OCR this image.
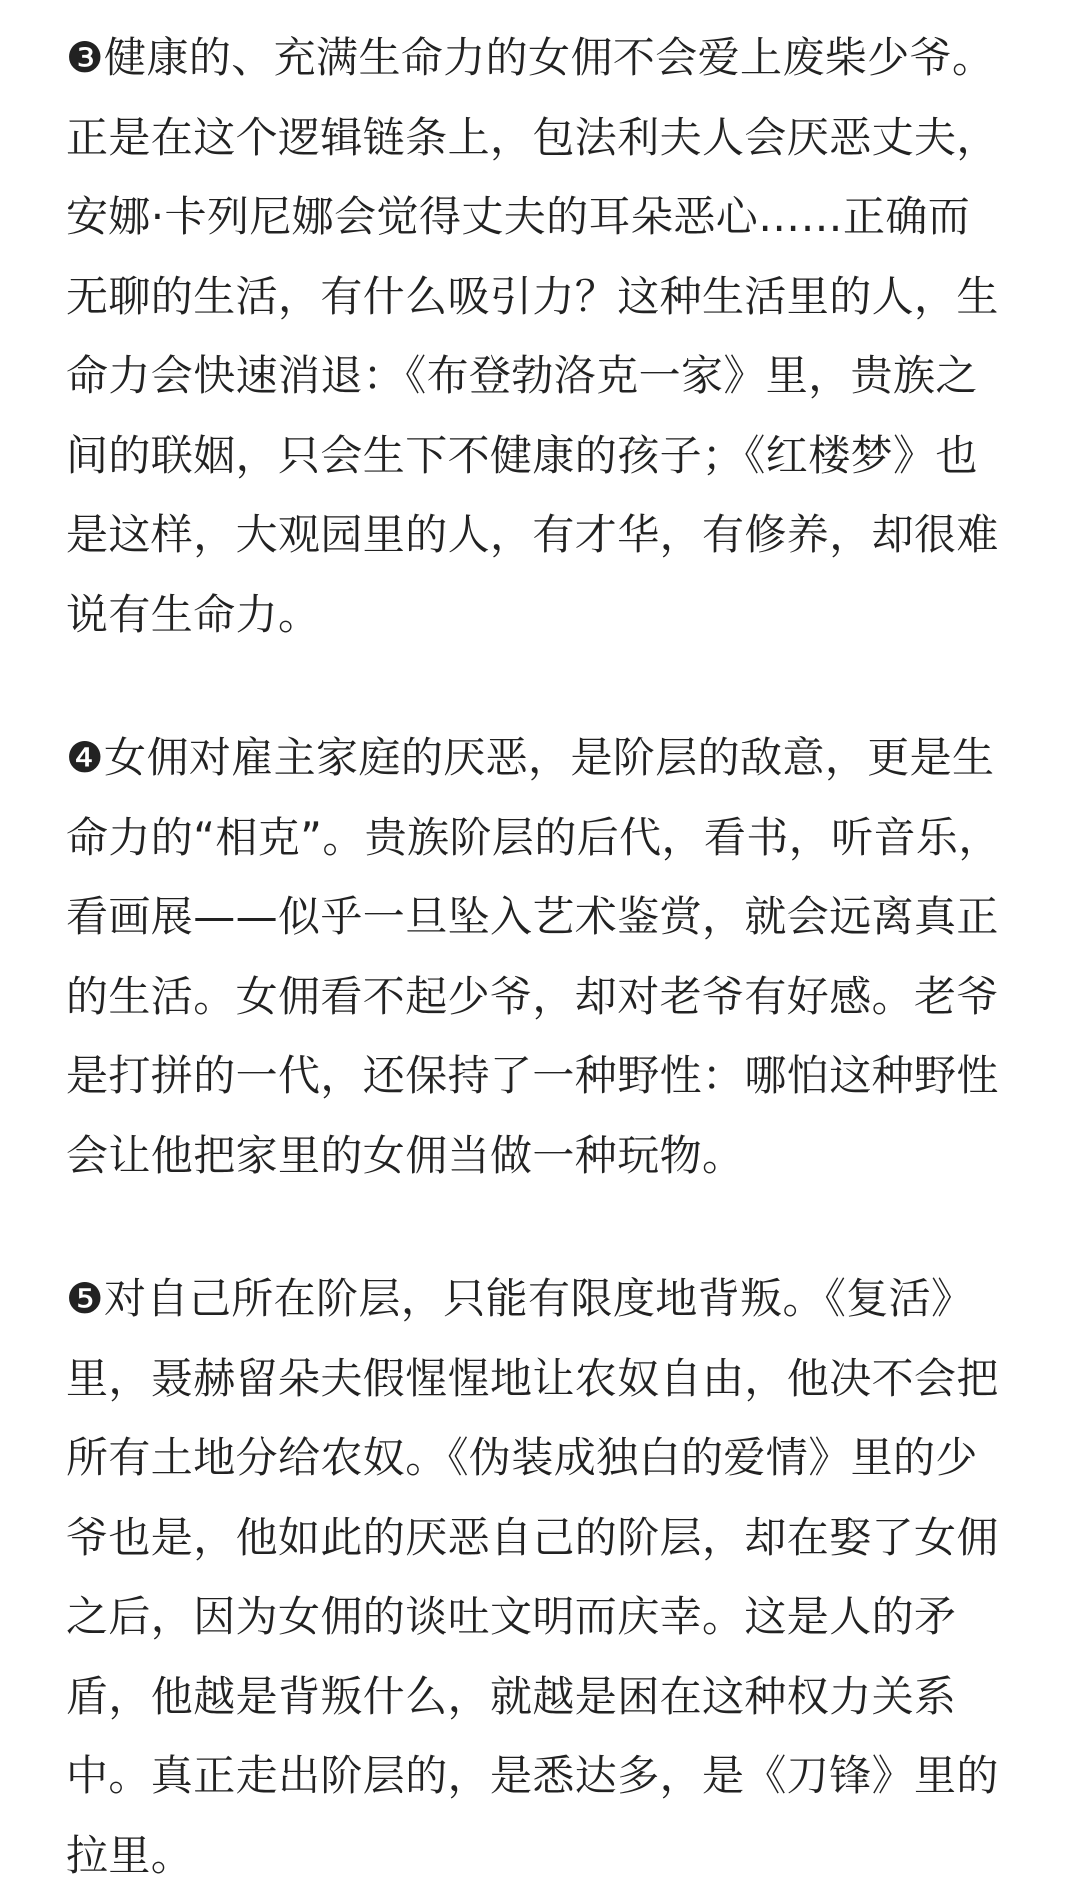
❸健康的、充满生命力的女佣不会爱上废柴少爷。
正是在这个逻辑链条上，包法利夫人会厌恶丈夫，
安娜·卡列尼娜会觉得丈夫的耳朵恶心……正确而
无聊的生活，有什么吸引力？这种生活里的人，生
命力会快速消退：《布登勃洛克一家》里，贵族之
间的联姻，只会生下不健康的孩子；《红楼梦》也
是这样，大观园里的人，有才华，有修养，却很难
说有生命力。
❹女佣对雇主家庭的厌恶，是阶层的敌意，更是生
命力的“相克”。贵族阶层的后代，看书，听音乐，
看画展——似乎一旦坠入艺术鉴赏，就会远离真正
的生活。女佣看不起少爷，却对老爷有好感。老爷
是打拼的一代，还保持了一种野性：哪怕这种野性
会让他把家里的女佣当做一种玩物。
❺对自己所在阶层，只能有限度地背叛。《复活》
里，聂赫留朵夫假惺惺地让农奴自由，他决不会把
所有土地分给农奴。《伪装成独白的爱情》里的少
爷也是，他如此的厌恶自己的阶层，却在娶了女佣
之后，因为女佣的谈吐文明而庆幸。这是人的矛
盾，他越是背叛什么，就越是困在这种权力关系
中。真正走出阶层的，是悉达多，是《刀锋》里的
拉里。
